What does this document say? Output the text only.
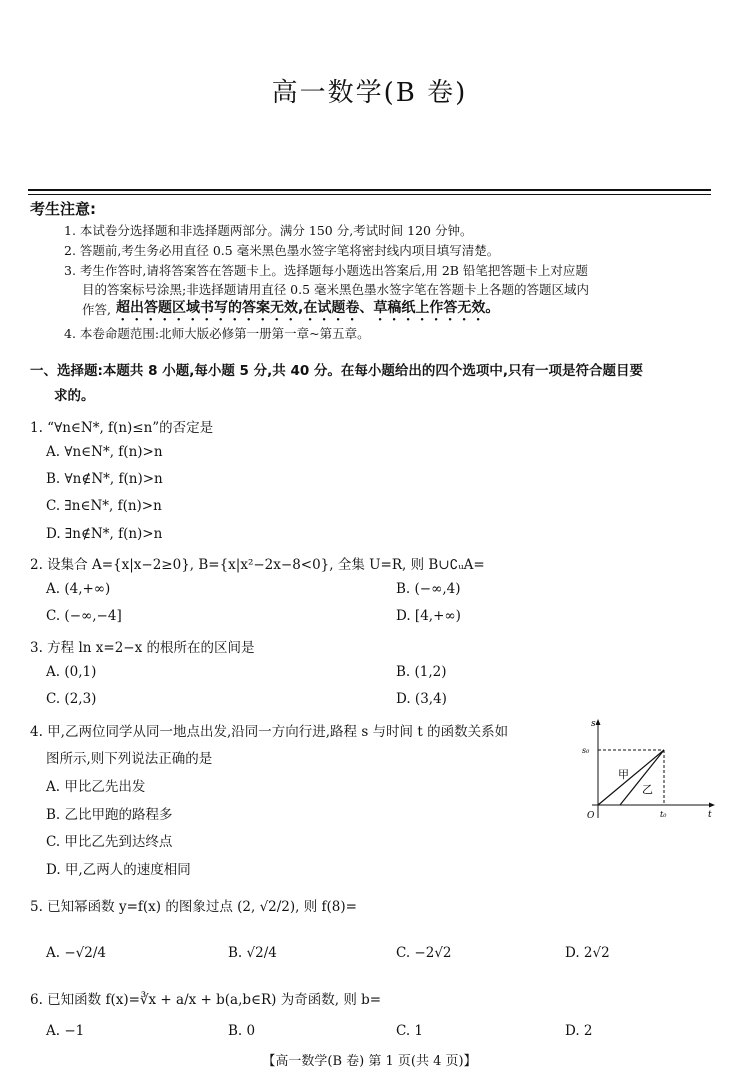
高一数学(B 卷)
考生注意:
1. 本试卷分选择题和非选择题两部分。满分 150 分,考试时间 120 分钟。
2. 答题前,考生务必用直径 0.5 毫米黑色墨水签字笔将密封线内项目填写清楚。
3. 考生作答时,请将答案答在答题卡上。选择题每小题选出答案后,用 2B 铅笔把答题卡上对应题
目的答案标号涂黑;非选择题请用直径 0.5 毫米黑色墨水签字笔在答题卡上各题的答题区域内
作答, 超出答题区域书写的答案无效,在试题卷、草稿纸上作答无效。
4. 本卷命题范围:北师大版必修第一册第一章~第五章。
一、选择题:本题共 8 小题,每小题 5 分,共 40 分。在每小题给出的四个选项中,只有一项是符合题目要
求的。
1. “∀n∈N*, f(n)≤n”的否定是
A. ∀n∈N*, f(n)>n
B. ∀n∉N*, f(n)>n
C. ∃n∈N*, f(n)>n
D. ∃n∉N*, f(n)>n
2. 设集合 A={x|x−2≥0}, B={x|x²−2x−8<0}, 全集 U=R, 则 B∪∁ᵤA=
A. (4,+∞)	B. (−∞,4)
C. (−∞,−4]	D. [4,+∞)
3. 方程 ln x=2−x 的根所在的区间是
A. (0,1)	B. (1,2)
C. (2,3)	D. (3,4)
4. 甲,乙两位同学从同一地点出发,沿同一方向行进,路程 s 与时间 t 的函数关系如
图所示,则下列说法正确的是
A. 甲比乙先出发
B. 乙比甲跑的路程多
C. 甲比乙先到达终点
D. 甲,乙两人的速度相同
s
t
O
s₀
t₀
甲
乙
5. 已知幂函数 y=f(x) 的图象过点 (2, √2/2), 则 f(8)=
A. −√2/4	B. √2/4	C. −2√2	D. 2√2
6. 已知函数 f(x)=∛x + a/x + b(a,b∈R) 为奇函数, 则 b=
A. −1	B. 0	C. 1	D. 2
【高一数学(B 卷) 第 1 页(共 4 页)】
